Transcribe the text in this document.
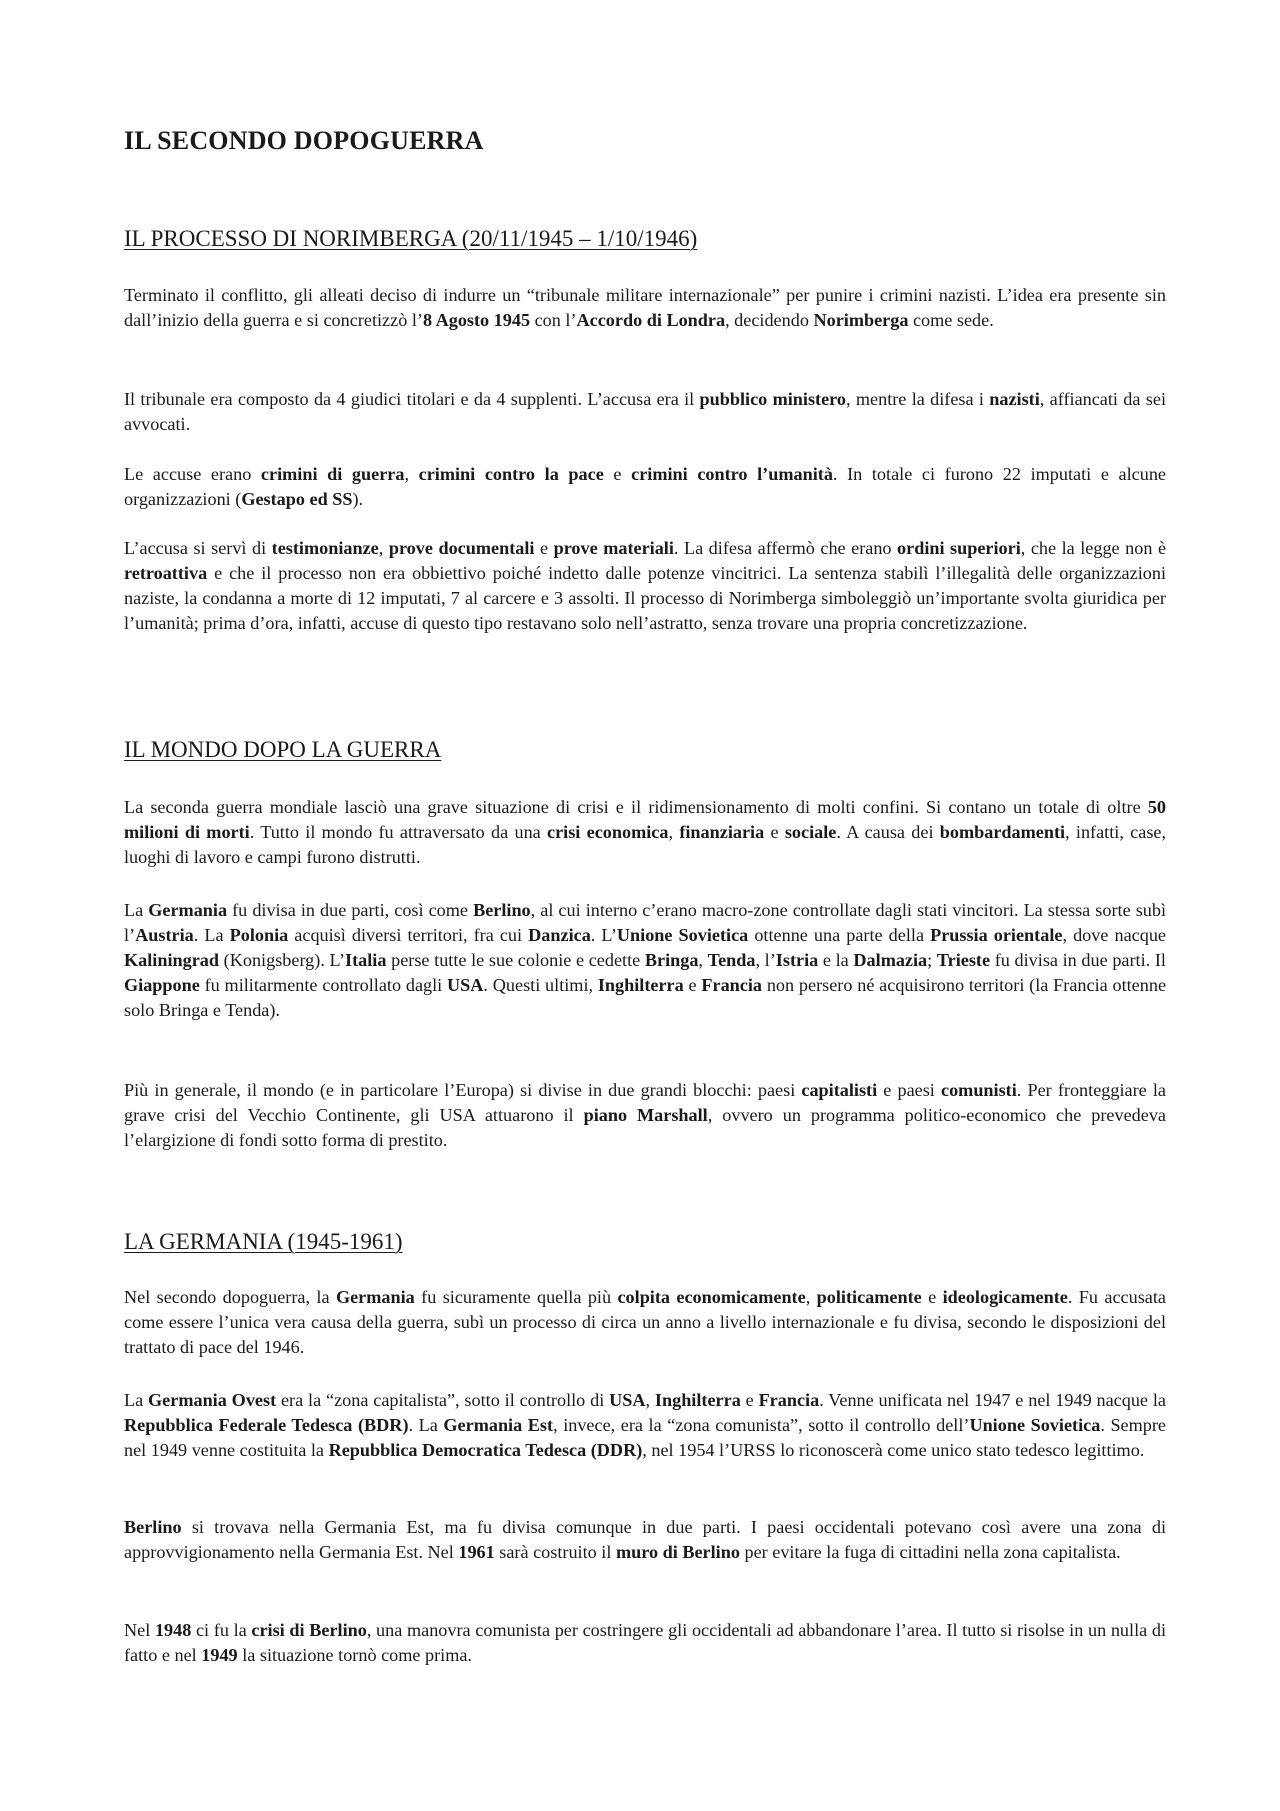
IL SECONDO DOPOGUERRA
IL PROCESSO DI NORIMBERGA (20/11/1945 – 1/10/1946)

Terminato il conflitto, gli alleati deciso di indurre un “tribunale militare internazionale” per punire i crimini nazisti. L’idea era presente sin dall’inizio della guerra e si concretizzò l’8 Agosto 1945 con l’Accordo di Londra, decidendo Norimberga come sede.

Il tribunale era composto da 4 giudici titolari e da 4 supplenti. L’accusa era il pubblico ministero, mentre la difesa i nazisti, affiancati da sei avvocati.

Le accuse erano crimini di guerra, crimini contro la pace e crimini contro l’umanità. In totale ci furono 22 imputati e alcune organizzazioni (Gestapo ed SS).

L’accusa si servì di testimonianze, prove documentali e prove materiali. La difesa affermò che erano ordini superiori, che la legge non è retroattiva e che il processo non era obbiettivo poiché indetto dalle potenze vincitrici. La sentenza stabilì l’illegalità delle organizzazioni naziste, la condanna a morte di 12 imputati, 7 al carcere e 3 assolti. Il processo di Norimberga simboleggiò un’importante svolta giuridica per l’umanità; prima d’ora, infatti, accuse di questo tipo restavano solo nell’astratto, senza trovare una propria concretizzazione.

IL MONDO DOPO LA GUERRA

La seconda guerra mondiale lasciò una grave situazione di crisi e il ridimensionamento di molti confini. Si contano un totale di oltre 50 milioni di morti. Tutto il mondo fu attraversato da una crisi economica, finanziaria e sociale. A causa dei bombardamenti, infatti, case, luoghi di lavoro e campi furono distrutti.

La Germania fu divisa in due parti, così come Berlino, al cui interno c’erano macro-zone controllate dagli stati vincitori. La stessa sorte subì l’Austria. La Polonia acquisì diversi territori, fra cui Danzica. L’Unione Sovietica ottenne una parte della Prussia orientale, dove nacque Kaliningrad (Konigsberg). L’Italia perse tutte le sue colonie e cedette Bringa, Tenda, l’Istria e la Dalmazia; Trieste fu divisa in due parti. Il Giappone fu militarmente controllato dagli USA. Questi ultimi, Inghilterra e Francia non persero né acquisirono territori (la Francia ottenne solo Bringa e Tenda).

Più in generale, il mondo (e in particolare l’Europa) si divise in due grandi blocchi: paesi capitalisti e paesi comunisti. Per fronteggiare la grave crisi del Vecchio Continente, gli USA attuarono il piano Marshall, ovvero un programma politico-economico che prevedeva l’elargizione di fondi sotto forma di prestito.

LA GERMANIA (1945-1961)

Nel secondo dopoguerra, la Germania fu sicuramente quella più colpita economicamente, politicamente e ideologicamente. Fu accusata come essere l’unica vera causa della guerra, subì un processo di circa un anno a livello internazionale e fu divisa, secondo le disposizioni del trattato di pace del 1946.

La Germania Ovest era la “zona capitalista”, sotto il controllo di USA, Inghilterra e Francia. Venne unificata nel 1947 e nel 1949 nacque la Repubblica Federale Tedesca (BDR). La Germania Est, invece, era la “zona comunista”, sotto il controllo dell’Unione Sovietica. Sempre nel 1949 venne costituita la Repubblica Democratica Tedesca (DDR), nel 1954 l’URSS lo riconoscerà come unico stato tedesco legittimo.

Berlino si trovava nella Germania Est, ma fu divisa comunque in due parti. I paesi occidentali potevano così avere una zona di approvvigionamento nella Germania Est. Nel 1961 sarà costruito il muro di Berlino per evitare la fuga di cittadini nella zona capitalista.

Nel 1948 ci fu la crisi di Berlino, una manovra comunista per costringere gli occidentali ad abbandonare l’area. Il tutto si risolse in un nulla di fatto e nel 1949 la situazione tornò come prima.
